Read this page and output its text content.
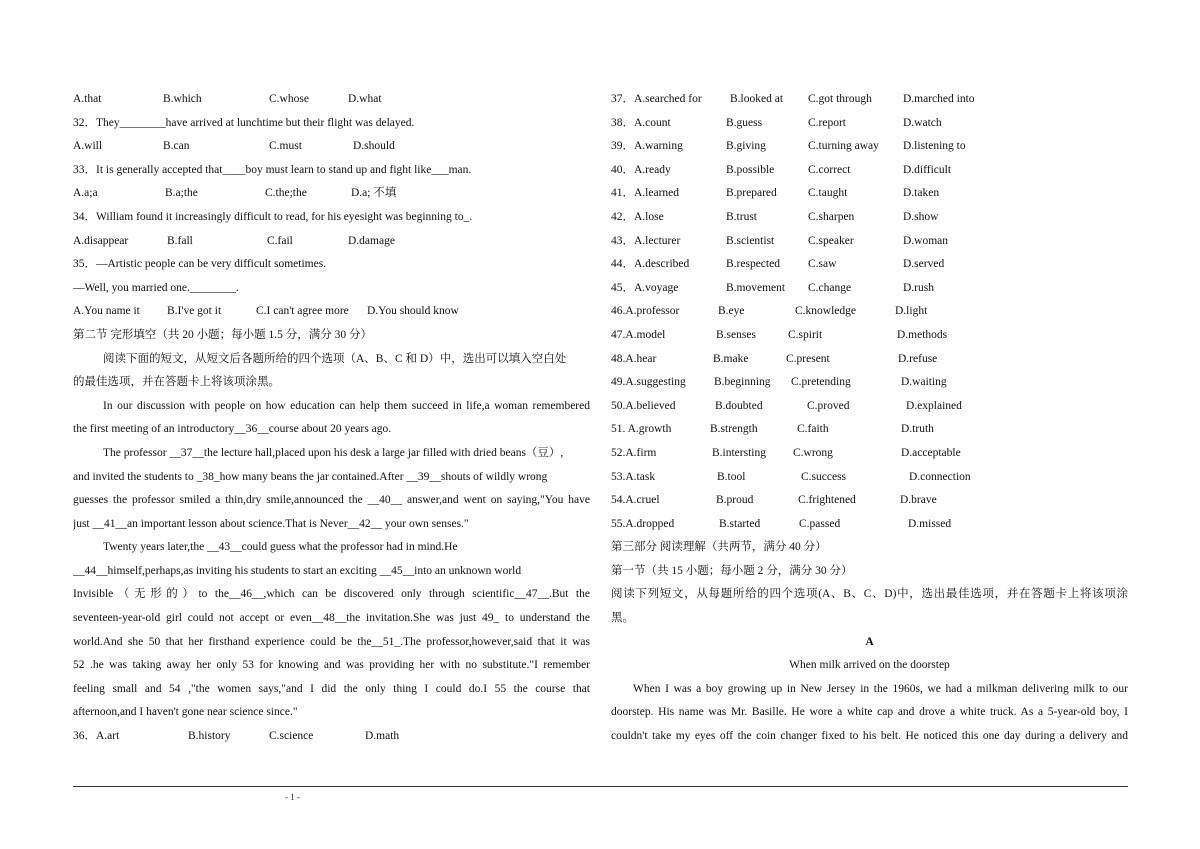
A.that	B.which	C.whose	D.what
32．They________have arrived at lunchtime but their flight was delayed.
A.will	B.can	C.must	D.should
33．It is generally accepted that____boy must learn to stand up and fight like___man.
A.a;a	B.a;the	C.the;the	D.a; 不填
34．William found it increasingly difficult to read, for his eyesight was beginning to_.
A.disappear	B.fall	C.fail	D.damage
35．—Artistic people can be very difficult sometimes.
—Well, you married one.________.
A.You name it B.I've got it	C.I can't agree more D.You should know
第二节 完形填空（共 20 小题；每小题 1.5 分，满分 30 分）
阅读下面的短文，从短文后各题所给的四个选项（A、B、C 和 D）中，选出可以填入空白处
的最佳选项，并在答题卡上将该项涂黑。
In our discussion with people on how education can help them succeed in life,a woman remembered
the first meeting of an introductory__36__course about 20 years ago.
The professor __37__the lecture hall,placed upon his desk a large jar filled with dried beans（豆）,
and invited the students to _38_how many beans the jar contained.After __39__shouts of wildly wrong
guesses the professor smiled a thin,dry smile,announced the __40__ answer,and went on saying,"You have
just __41__an important lesson about science.That is Never__42__ your own senses."
Twenty years later,the __43__could guess what the professor had in mind.He
__44__himself,perhaps,as inviting his students to start an exciting __45__into an unknown world
Invisible（无形的）to the__46__,which can be discovered only through scientific__47__.But the
seventeen-year-old girl could not accept or even__48__the invitation.She was just 49_ to understand the
world.And she 50 that her firsthand experience could be the__51_.The professor,however,said that it was
52 .he was taking away her only 53 for knowing and was providing her with no substitute."I remember
feeling small and 54 ,"the women says,"and I did the only thing I could do.I 55 the course that
afternoon,and I haven't gone near science since."
36．A.art	B.history	C.science	D.math
37．A.searched for B.looked at C.got through	D.marched into
38．A.count	B.guess	C.report	D.watch
39．A.warning	B.giving	C.turning away D.listening to
40．A.ready	B.possible	C.correct	D.difficult
41．A.learned	B.prepared	C.taught	D.taken
42．A.lose	B.trust	C.sharpen	D.show
43．A.lecturer	B.scientist	C.speaker	D.woman
44．A.described	B.respected C.saw	D.served
45．A.voyage	B.movement C.change	D.rush
46.A.professor	B.eye	C.knowledge	D.light
47.A.model	B.senses	C.spirit	D.methods
48.A.hear	B.make	C.present	D.refuse
49.A.suggesting B.beginning C.pretending	D.waiting
50.A.believed	B.doubted	C.proved	D.explained
51. A.growth	B.strength	C.faith	D.truth
52.A.firm	B.intersting C.wrong	D.acceptable
53.A.task	B.tool	C.success	D.connection
54.A.cruel	B.proud	C.frightened	D.brave
55.A.dropped	B.started	C.passed	D.missed
第三部分 阅读理解（共两节，满分 40 分）
第一节（共 15 小题；每小题 2 分，满分 30 分）
阅读下列短文，从每题所给的四个选项(A、B、C、D)中，选出最佳选项，并在答题卡上将该项涂
黑。
A
When milk arrived on the doorstep
When I was a boy growing up in New Jersey in the 1960s, we had a milkman delivering milk to our
doorstep. His name was Mr. Basille. He wore a white cap and drove a white truck. As a 5-year-old boy, I
couldn't take my eyes off the coin changer fixed to his belt. He noticed this one day during a delivery and
- 1 -
